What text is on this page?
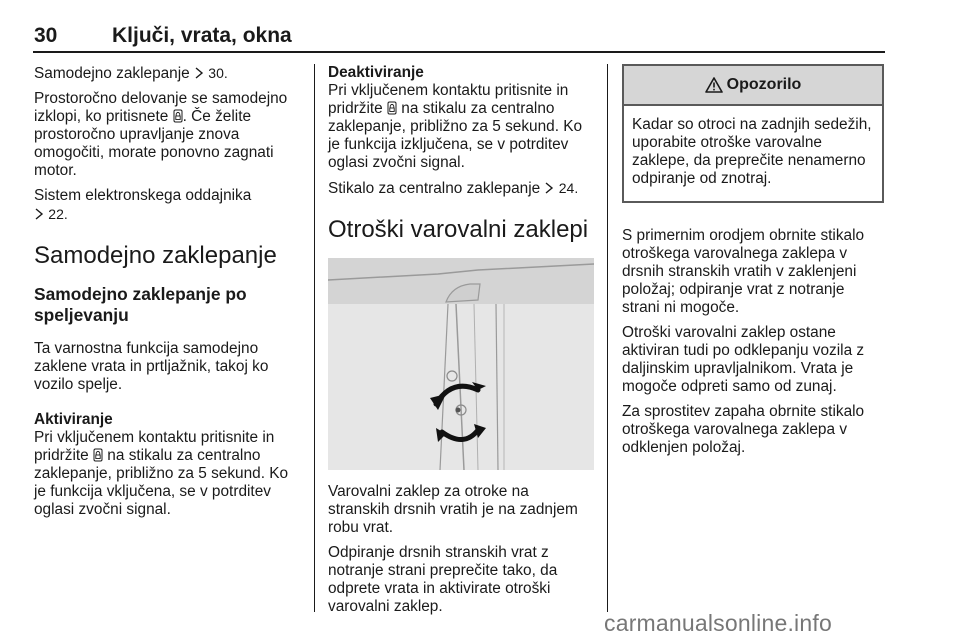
30	Ključi, vrata, okna

Samodejno zaklepanje 30.

Prostoročno delovanje se samodejno izklopi, ko pritisnete . Če želite prostoročno upravljanje znova omogočiti, morate ponovno zagnati motor.

Sistem elektronskega oddajnika
22.

Samodejno zaklepanje
Samodejno zaklepanje po speljevanju

Ta varnostna funkcija samodejno zaklene vrata in prtljažnik, takoj ko vozilo spelje.

Aktiviranje

Pri vključenem kontaktu pritisnite in pridržite  na stikalu za centralno zaklepanje, približno za 5 sekund. Ko je funkcija vključena, se v potrditev oglasi zvočni signal.

Deaktiviranje

Pri vključenem kontaktu pritisnite in pridržite  na stikalu za centralno zaklepanje, približno za 5 sekund. Ko je funkcija izključena, se v potrditev oglasi zvočni signal.

Stikalo za centralno zaklepanje 24.

Otroški varovalni zaklepi

Varovalni zaklep za otroke na stranskih drsnih vratih je na zadnjem robu vrat.

Odpiranje drsnih stranskih vrat z notranje strani preprečite tako, da odprete vrata in aktivirate otroški varovalni zaklep.

Opozorilo
Kadar so otroci na zadnjih sedežih, uporabite otroške varovalne zaklepe, da preprečite nenamerno odpiranje od znotraj.

S primernim orodjem obrnite stikalo otroškega varovalnega zaklepa v drsnih stranskih vratih v zaklenjeni položaj; odpiranje vrat z notranje strani ni mogoče.

Otroški varovalni zaklep ostane aktiviran tudi po odklepanju vozila z daljinskim upravljalnikom. Vrata je mogoče odpreti samo od zunaj.

Za sprostitev zapaha obrnite stikalo otroškega varovalnega zaklepa v odklenjen položaj.

carmanualsonline.info
